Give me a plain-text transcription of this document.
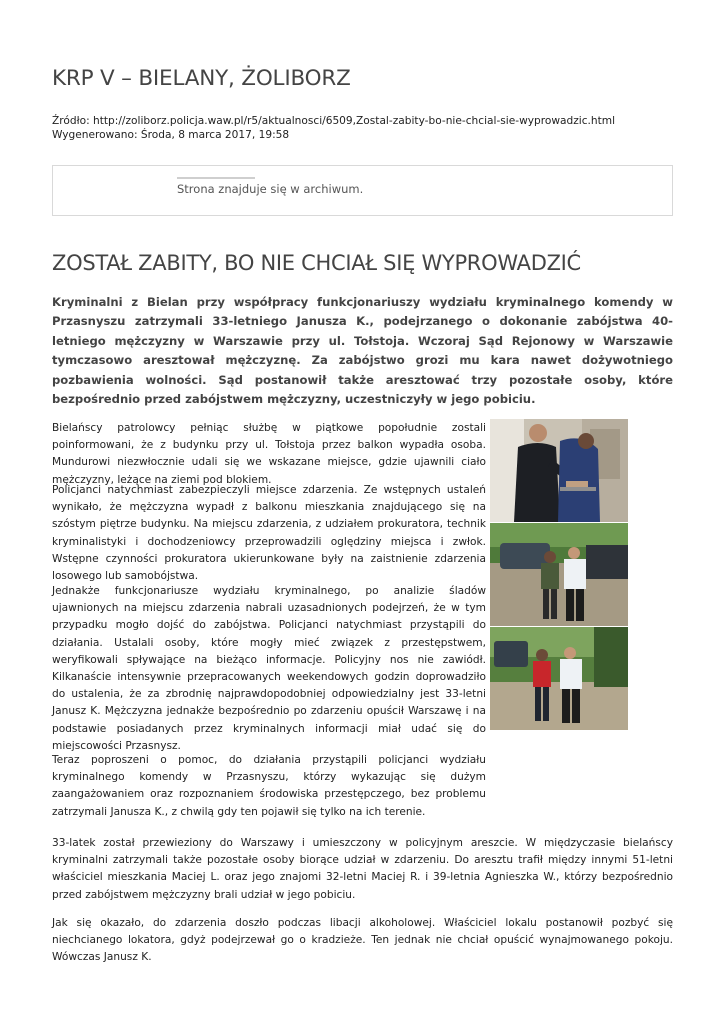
KRP V – BIELANY, ŻOLIBORZ
Źródło: http://zoliborz.policja.waw.pl/r5/aktualnosci/6509,Zostal-zabity-bo-nie-chcial-sie-wyprowadzic.html
Wygenerowano: Środa, 8 marca 2017, 19:58
Strona znajduje się w archiwum.
ZOSTAŁ ZABITY, BO NIE CHCIAŁ SIĘ WYPROWADZIĆ

Kryminalni z Bielan przy współpracy funkcjonariuszy wydziału kryminalnego komendy w Przasnyszu zatrzymali 33-letniego Janusza K., podejrzanego o dokonanie zabójstwa 40-letniego mężczyzny w Warszawie przy ul. Tołstoja. Wczoraj Sąd Rejonowy w Warszawie tymczasowo aresztował mężczyznę. Za zabójstwo grozi mu kara nawet dożywotniego pozbawienia wolności. Sąd postanowił także aresztować trzy pozostałe osoby, które bezpośrednio przed zabójstwem mężczyzny, uczestniczyły w jego pobiciu.

Bielańscy patrolowcy pełniąc służbę w piątkowe popołudnie zostali poinformowani, że z budynku przy ul. Tołstoja przez balkon wypadła osoba. Mundurowi niezwłocznie udali się we wskazane miejsce, gdzie ujawnili ciało mężczyzny, leżące na ziemi pod blokiem.

Policjanci natychmiast zabezpieczyli miejsce zdarzenia. Ze wstępnych ustaleń wynikało, że mężczyzna wypadł z balkonu mieszkania znajdującego się na szóstym piętrze budynku. Na miejscu zdarzenia, z udziałem prokuratora, technik kryminalistyki i dochodzeniowcy przeprowadzili oględziny miejsca i zwłok. Wstępne czynności prokuratora ukierunkowane były na zaistnienie zdarzenia losowego lub samobójstwa.

Jednakże funkcjonariusze wydziału kryminalnego, po analizie śladów ujawnionych na miejscu zdarzenia nabrali uzasadnionych podejrzeń, że w tym przypadku mogło dojść do zabójstwa. Policjanci natychmiast przystąpili do działania. Ustalali osoby, które mogły mieć związek z przestępstwem, weryfikowali spływające na bieżąco informacje. Policyjny nos nie zawiódł. Kilkanaście intensywnie przepracowanych weekendowych godzin doprowadziło do ustalenia, że za zbrodnię najprawdopodobniej odpowiedzialny jest 33-letni Janusz K. Mężczyzna jednakże bezpośrednio po zdarzeniu opuścił Warszawę i na podstawie posiadanych przez kryminalnych informacji miał udać się do miejscowości Przasnysz.

Teraz poproszeni o pomoc, do działania przystąpili policjanci wydziału kryminalnego komendy w Przasnyszu, którzy wykazując się dużym zaangażowaniem oraz rozpoznaniem środowiska przestępczego, bez problemu zatrzymali Janusza K., z chwilą gdy ten pojawił się tylko na ich terenie.

33-latek został przewieziony do Warszawy i umieszczony w policyjnym areszcie. W międzyczasie bielańscy kryminalni zatrzymali także pozostałe osoby biorące udział w zdarzeniu. Do aresztu trafił między innymi 51-letni właściciel mieszkania Maciej L. oraz jego znajomi 32-letni Maciej R. i 39-letnia Agnieszka W., którzy bezpośrednio przed zabójstwem mężczyzny brali udział w jego pobiciu.

Jak się okazało, do zdarzenia doszło podczas libacji alkoholowej. Właściciel lokalu postanowił pozbyć się niechcianego lokatora, gdyż podejrzewał go o kradzieże. Ten jednak nie chciał opuścić wynajmowanego pokoju. Wówczas Janusz K.
